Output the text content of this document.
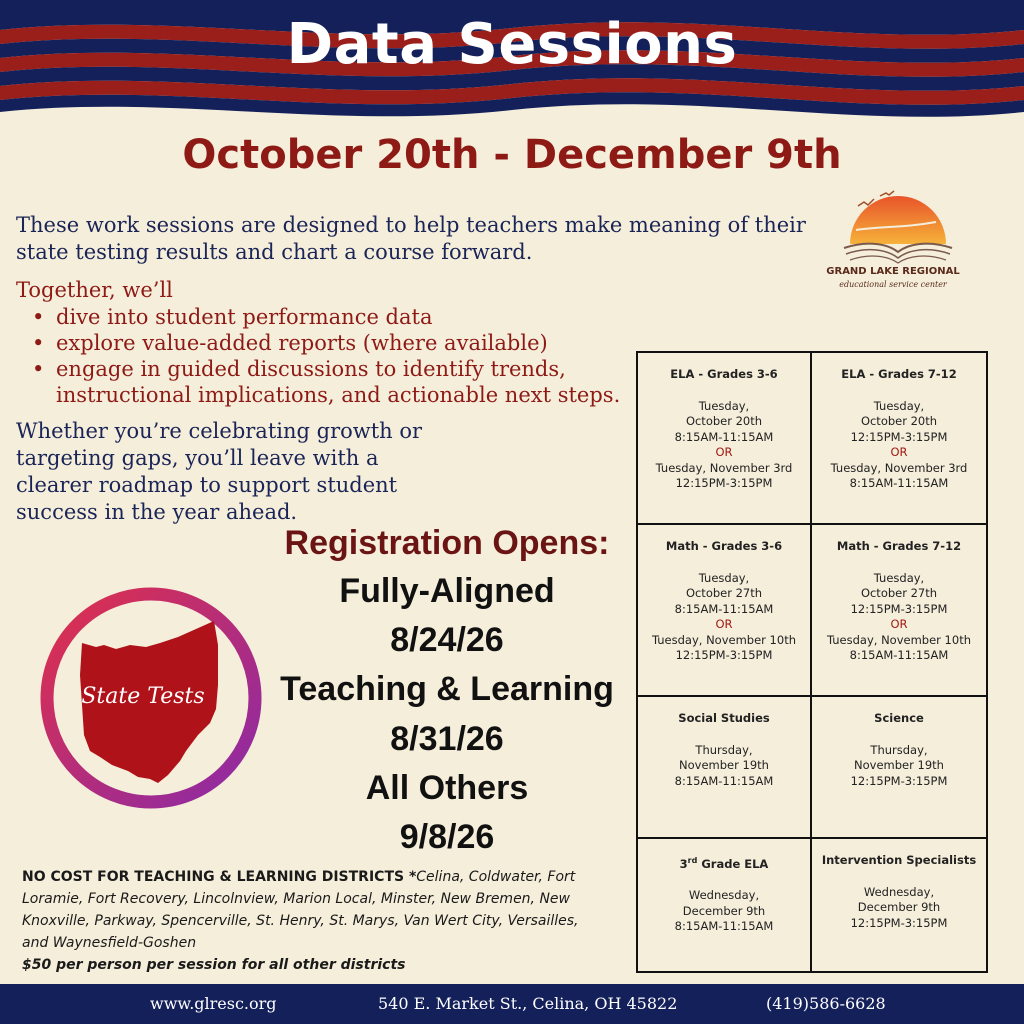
Data Sessions
October 20th - December 9th
These work sessions are designed to help teachers make meaning of their state testing results and chart a course forward.
Together, we’ll
• dive into student performance data
• explore value-added reports (where available)
• engage in guided discussions to identify trends, instructional implications, and actionable next steps.
Whether you’re celebrating growth or targeting gaps, you’ll leave with a clearer roadmap to support student success in the year ahead.
GRAND LAKE REGIONAL
educational service center
Registration Opens:
Fully-Aligned
8/24/26
Teaching & Learning
8/31/26
All Others
9/8/26
State Tests
ELA - Grades 3-6
Tuesday,
October 20th
8:15AM-11:15AM
OR
Tuesday, November 3rd
12:15PM-3:15PM
ELA - Grades 7-12
Tuesday,
October 20th
12:15PM-3:15PM
OR
Tuesday, November 3rd
8:15AM-11:15AM
Math - Grades 3-6
Tuesday,
October 27th
8:15AM-11:15AM
OR
Tuesday, November 10th
12:15PM-3:15PM
Math - Grades 7-12
Tuesday,
October 27th
12:15PM-3:15PM
OR
Tuesday, November 10th
8:15AM-11:15AM
Social Studies
Thursday,
November 19th
8:15AM-11:15AM
Science
Thursday,
November 19th
12:15PM-3:15PM
3rd Grade ELA
Wednesday,
December 9th
8:15AM-11:15AM
Intervention Specialists
Wednesday,
December 9th
12:15PM-3:15PM
NO COST FOR TEACHING & LEARNING DISTRICTS *Celina, Coldwater, Fort Loramie, Fort Recovery, Lincolnview, Marion Local, Minster, New Bremen, New Knoxville, Parkway, Spencerville, St. Henry, St. Marys, Van Wert City, Versailles, and Waynesfield-Goshen
$50 per person per session for all other districts
www.glresc.org	540 E. Market St., Celina, OH 45822	(419)586-6628
